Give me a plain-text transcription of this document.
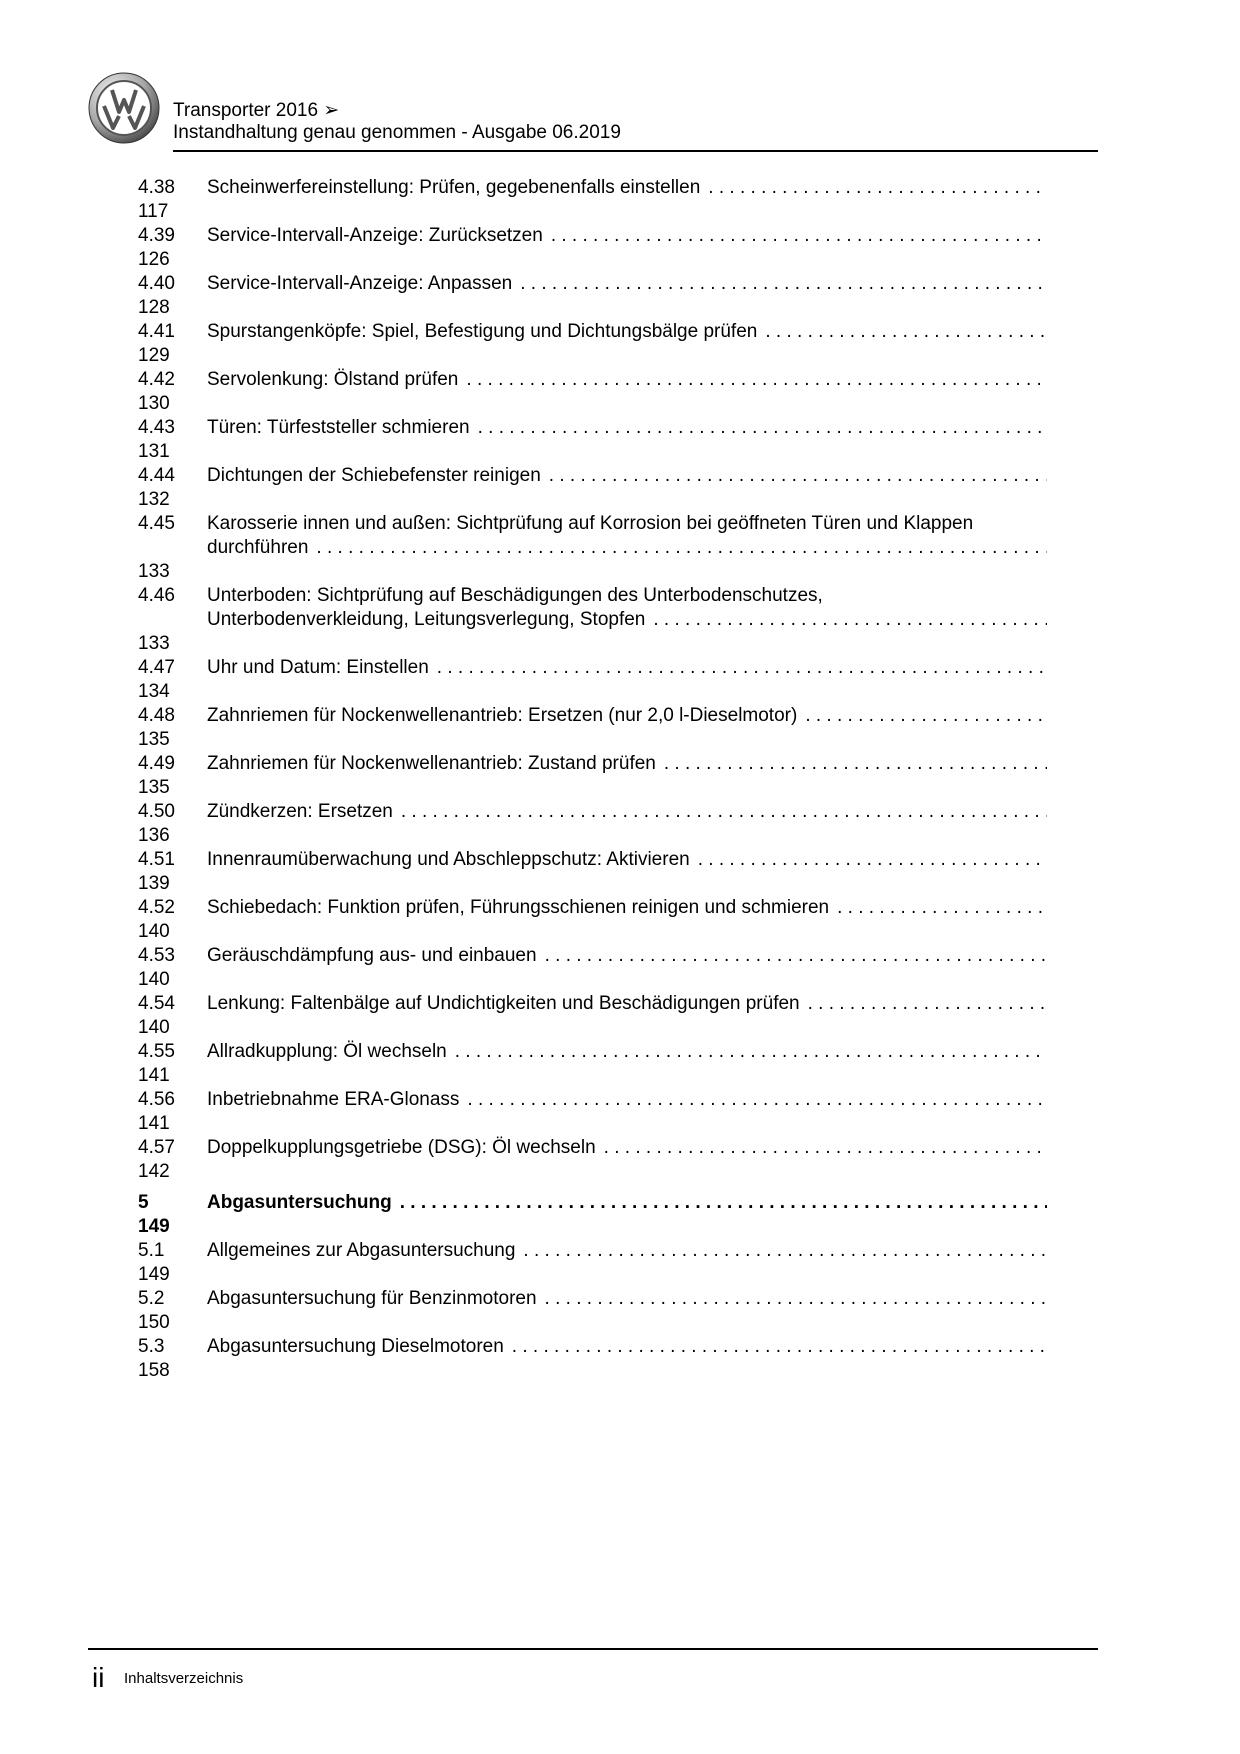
Transporter 2016 ➢
Instandhaltung genau genommen - Ausgabe 06.2019
4.38 Scheinwerfereinstellung: Prüfen, gegebenenfalls einstellen
. . .
117
4.39 Service-Intervall-Anzeige: Zurücksetzen
. . .
126
4.40 Service-Intervall-Anzeige: Anpassen
. . .
128
4.41 Spurstangenköpfe: Spiel, Befestigung und Dichtungsbälge prüfen
. . .
129
4.42 Servolenkung: Ölstand prüfen
. . .
130
4.43 Türen: Türfeststeller schmieren
. . .
131
4.44 Dichtungen der Schiebefenster reinigen
. . .
132
4.45 Karosserie innen und außen: Sichtprüfung auf Korrosion bei geöffneten Türen und Klappen
durchführen
. . .
133
4.46 Unterboden: Sichtprüfung auf Beschädigungen des Unterbodenschutzes,
Unterbodenverkleidung, Leitungsverlegung, Stopfen
. . .
133
4.47 Uhr und Datum: Einstellen
. . .
134
4.48 Zahnriemen für Nockenwellenantrieb: Ersetzen (nur 2,0 l-Dieselmotor)
. . .
135
4.49 Zahnriemen für Nockenwellenantrieb: Zustand prüfen
. . .
135
4.50 Zündkerzen: Ersetzen
. . .
136
4.51 Innenraumüberwachung und Abschleppschutz: Aktivieren
. . .
139
4.52 Schiebedach: Funktion prüfen, Führungsschienen reinigen und schmieren
. . .
140
4.53 Geräuschdämpfung aus- und einbauen
. . .
140
4.54 Lenkung: Faltenbälge auf Undichtigkeiten und Beschädigungen prüfen
. . .
140
4.55 Allradkupplung: Öl wechseln
. . .
141
4.56 Inbetriebnahme ERA-Glonass
. . .
141
4.57 Doppelkupplungsgetriebe (DSG): Öl wechseln
. . .
142
5	Abgasuntersuchung
. . .
149
5.1 Allgemeines zur Abgasuntersuchung
. . .
149
5.2 Abgasuntersuchung für Benzinmotoren
. . .
150
5.3 Abgasuntersuchung Dieselmotoren
. . .
158
ii Inhaltsverzeichnis
